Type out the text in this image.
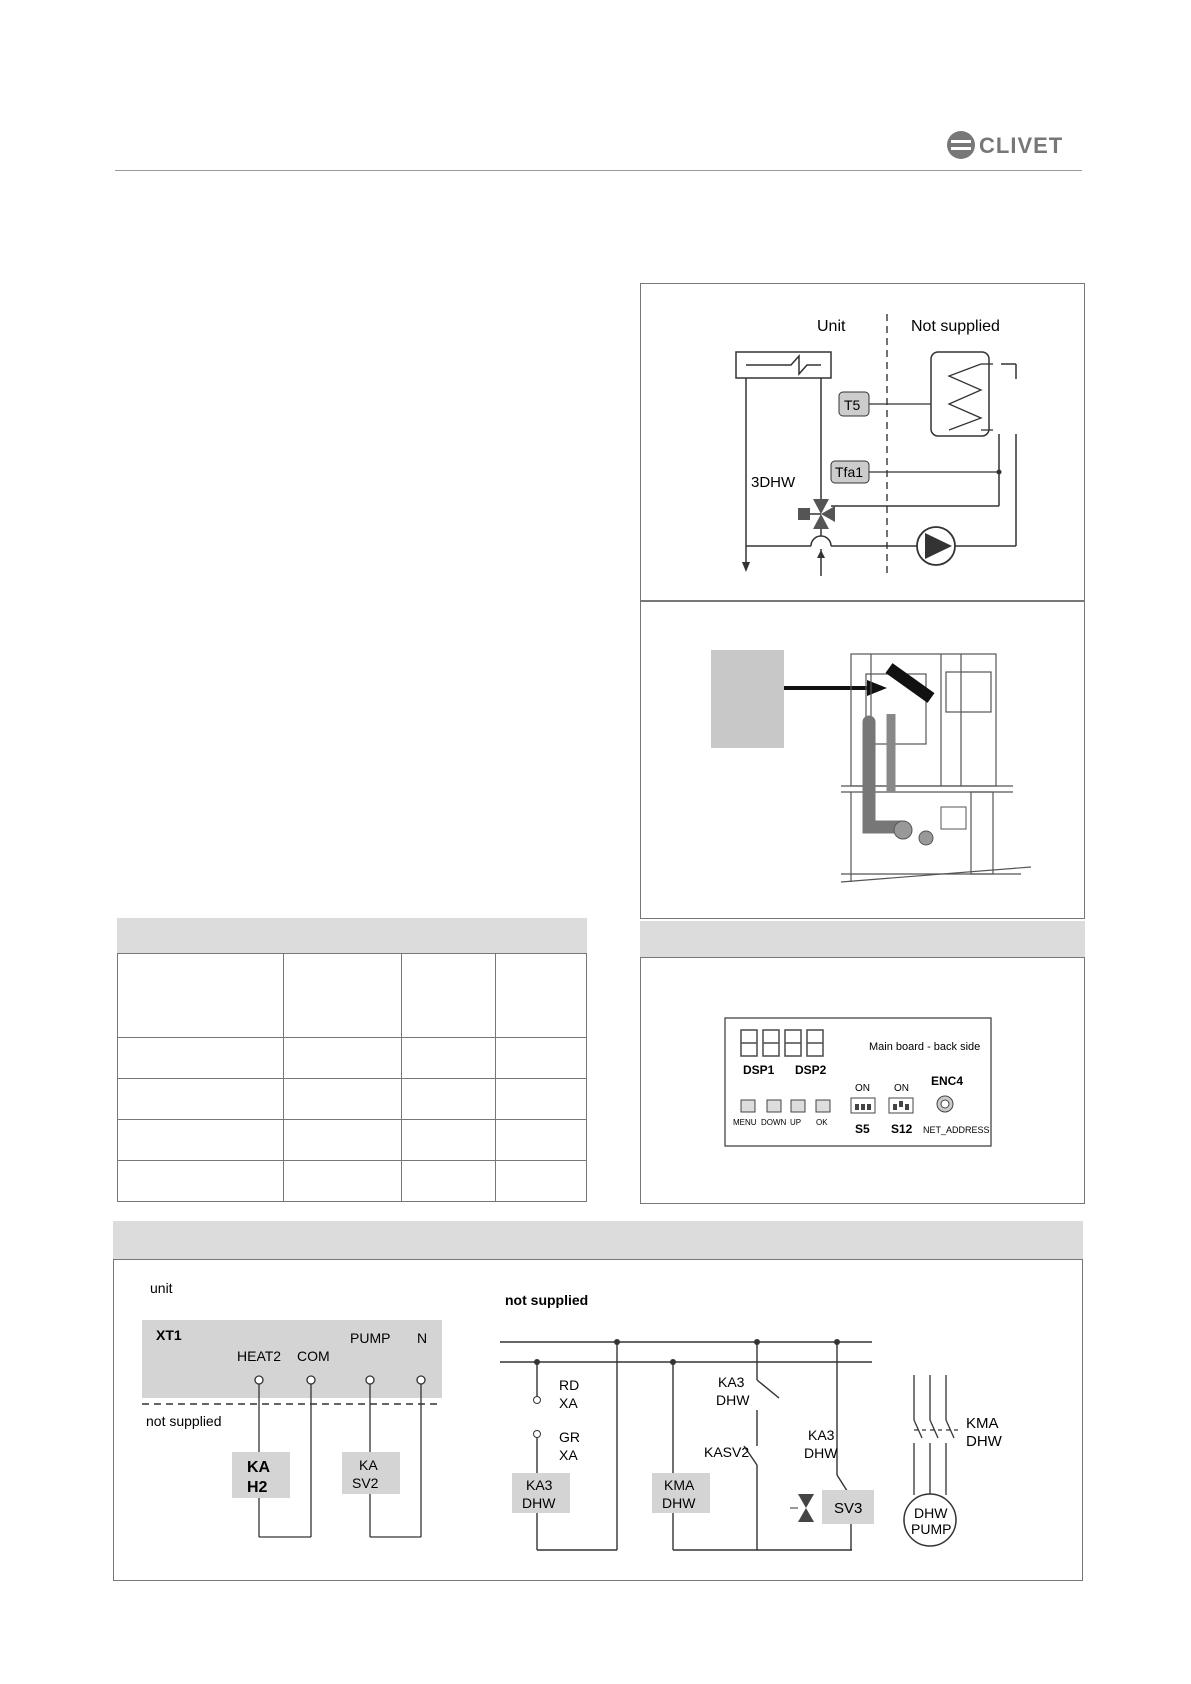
CLIVET
Unit	Not supplied
T5
Tfa1
3DHW

Main board - back side
DSP1 DSP2
ENC4
ON ON
MENU DOWN UP OK S5 S12 NET_ADDRESS
unit
XT1
HEAT2 COM
PUMP N
not supplied
KA
H2
KA
SV2
not supplied
RD
XA
GR
XA
KA3
DHW
KMA
DHW
KA3
DHW
KASV2
KA3
DHW
SV3
KMA
DHW
DHW
PUMP
